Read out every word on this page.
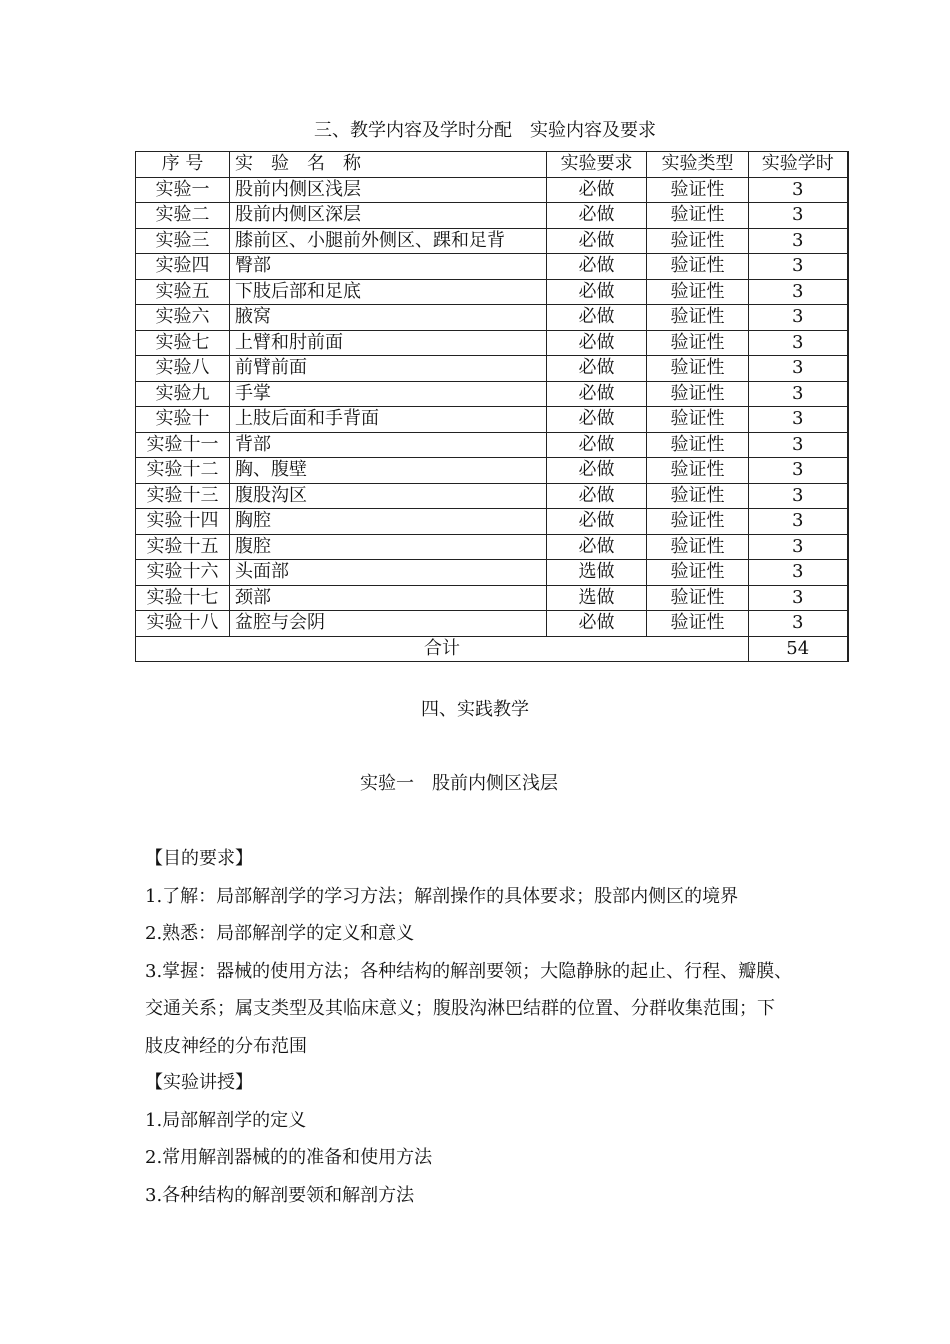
三、教学内容及学时分配　实验内容及要求
序 号	实　验　名　称	实验要求	实验类型	实验学时
实验一	股前内侧区浅层	必做	验证性	3
实验二	股前内侧区深层	必做	验证性	3
实验三	膝前区、小腿前外侧区、踝和足背	必做	验证性	3
实验四	臀部	必做	验证性	3
实验五	下肢后部和足底	必做	验证性	3
实验六	腋窝	必做	验证性	3
实验七	上臂和肘前面	必做	验证性	3
实验八	前臂前面	必做	验证性	3
实验九	手掌	必做	验证性	3
实验十	上肢后面和手背面	必做	验证性	3
实验十一	背部	必做	验证性	3
实验十二	胸、腹壁	必做	验证性	3
实验十三	腹股沟区	必做	验证性	3
实验十四	胸腔	必做	验证性	3
实验十五	腹腔	必做	验证性	3
实验十六	头面部	选做	验证性	3
实验十七	颈部	选做	验证性	3
实验十八	盆腔与会阴	必做	验证性	3
合计				54
四、实践教学
实验一　股前内侧区浅层

【目的要求】

1.了解：局部解剖学的学习方法；解剖操作的具体要求；股部内侧区的境界

2.熟悉：局部解剖学的定义和意义

3.掌握：器械的使用方法；各种结构的解剖要领；大隐静脉的起止、行程、瓣膜、

交通关系；属支类型及其临床意义；腹股沟淋巴结群的位置、分群收集范围；下

肢皮神经的分布范围

【实验讲授】

1.局部解剖学的定义

2.常用解剖器械的的准备和使用方法

3.各种结构的解剖要领和解剖方法
